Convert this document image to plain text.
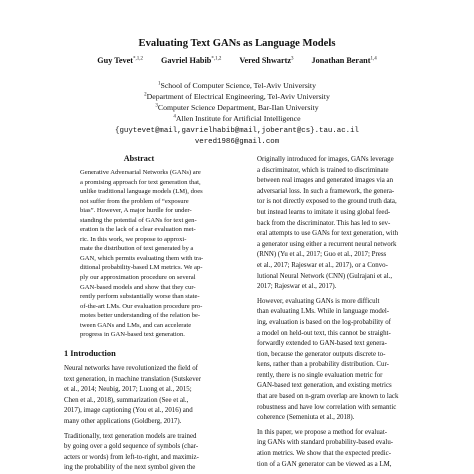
Evaluating Text GANs as Language Models
Guy Tevet$^{*,1,2}$ Gavriel Habib$^{*,1,2}$ Vered Shwartz$^3$ Jonathan Berant$^{1,4}$
$^1$School of Computer Science, Tel-Aviv University
$^2$Department of Electrical Engineering, Tel-Aviv University
$^3$Computer Science Department, Bar-Ilan University
$^4$Allen Institute for Artificial Intelligence
{guytevet@mail,gavrielhabib@mail,joberant@cs}.tau.ac.il
vered1986@gmail.com
Abstract
Generative Adversarial Networks (GANs) are
a promising approach for text generation that,
unlike traditional language models (LM), does
not suffer from the problem of “exposure
bias”. However, A major hurdle for under-
standing the potential of GANs for text gen-
eration is the lack of a clear evaluation met-
ric. In this work, we propose to approxi-
mate the distribution of text generated by a
GAN, which permits evaluating them with tra-
ditional probability-based LM metrics. We ap-
ply our approximation procedure on several
GAN-based models and show that they cur-
rently perform substantially worse than state-
of-the-art LMs. Our evaluation procedure pro-
motes better understanding of the relation be-
tween GANs and LMs, and can accelerate
progress in GAN-based text generation.
1 Introduction
Neural networks have revolutionized the field of
text generation, in machine translation (Sutskever
et al., 2014; Neubig, 2017; Luong et al., 2015;
Chen et al., 2018), summarization (See et al.,
2017), image captioning (You et al., 2016) and
many other applications (Goldberg, 2017).
Traditionally, text generation models are trained
by going over a gold sequence of symbols (char-
acters or words) from left-to-right, and maximiz-
ing the probability of the next symbol given the
Originally introduced for images, GANs leverage
a discriminator, which is trained to discriminate
between real images and generated images via an
adversarial loss. In such a framework, the genera-
tor is not directly exposed to the ground truth data,
but instead learns to imitate it using global feed-
back from the discriminator. This has led to sev-
eral attempts to use GANs for text generation, with
a generator using either a recurrent neural network
(RNN) (Yu et al., 2017; Guo et al., 2017; Press
et al., 2017; Rajeswar et al., 2017), or a Convo-
lutional Neural Network (CNN) (Gulrajani et al.,
2017; Rajeswar et al., 2017).
However, evaluating GANs is more difficult
than evaluating LMs. While in language model-
ing, evaluation is based on the log-probability of
a model on held-out text, this cannot be straight-
forwardly extended to GAN-based text genera-
tion, because the generator outputs discrete to-
kens, rather than a probability distribution. Cur-
rently, there is no single evaluation metric for
GAN-based text generation, and existing metrics
that are based on n-gram overlap are known to lack
robustness and have low correlation with semantic
coherence (Semeniuta et al., 2018).
In this paper, we propose a method for evaluat-
ing GANs with standard probability-based evalu-
ation metrics. We show that the expected predic-
tion of a GAN generator can be viewed as a LM,
